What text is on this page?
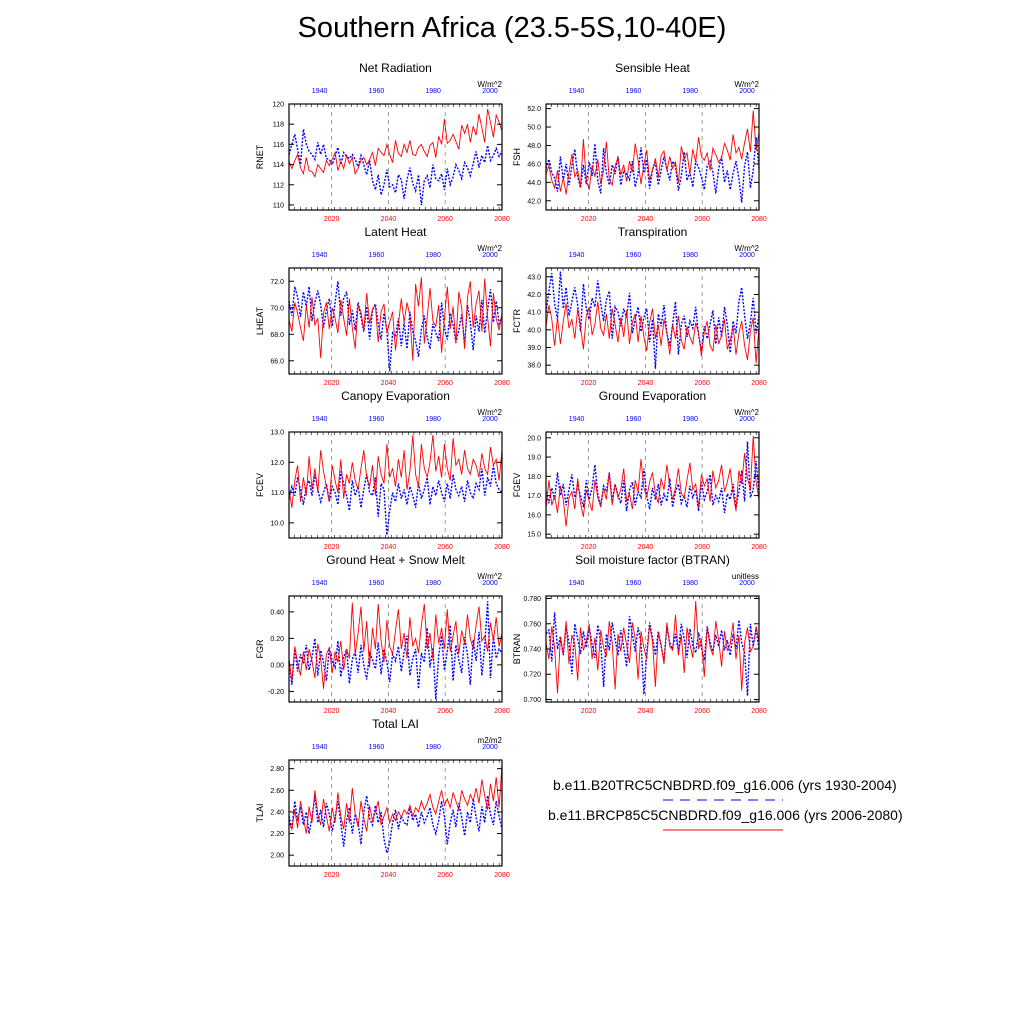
Southern Africa (23.5-5S,10-40E)
110
112
114
116
118
120
1940	1960	1980	2000
2020	2040	2060	2080
Net Radiation
W/m^2
RNET
42.0
44.0
46.0
48.0
50.0
52.0
1940	1960	1980	2000
2020	2040	2060	2080
Sensible Heat
W/m^2
FSH
66.0
68.0
70.0
72.0
1940	1960	1980	2000
2020	2040	2060	2080
Latent Heat
W/m^2
LHEAT
38.0
39.0
40.0
41.0
42.0
43.0
1940	1960	1980	2000
2020	2040	2060	2080
Transpiration
W/m^2
FCTR
10.0
11.0
12.0
13.0
1940	1960	1980	2000
2020	2040	2060	2080
Canopy Evaporation
W/m^2
FCEV
15.0
16.0
17.0
18.0
19.0
20.0
1940	1960	1980	2000
2020	2040	2060	2080
Ground Evaporation
W/m^2
FGEV
-0.20
0.00
0.20
0.40
1940	1960	1980	2000
2020	2040	2060	2080
Ground Heat + Snow Melt
W/m^2
FGR
0.700
0.720
0.740
0.760
0.780
1940	1960	1980	2000
2020	2040	2060	2080
Soil moisture factor (BTRAN)
unitless
BTRAN
2.00
2.20
2.40
2.60
2.80
1940	1960	1980	2000
2020	2040	2060	2080
Total LAI
m2/m2
TLAI
b.e11.B20TRC5CNBDRD.f09_g16.006 (yrs 1930-2004)
b.e11.BRCP85C5CNBDRD.f09_g16.006 (yrs 2006-2080)
